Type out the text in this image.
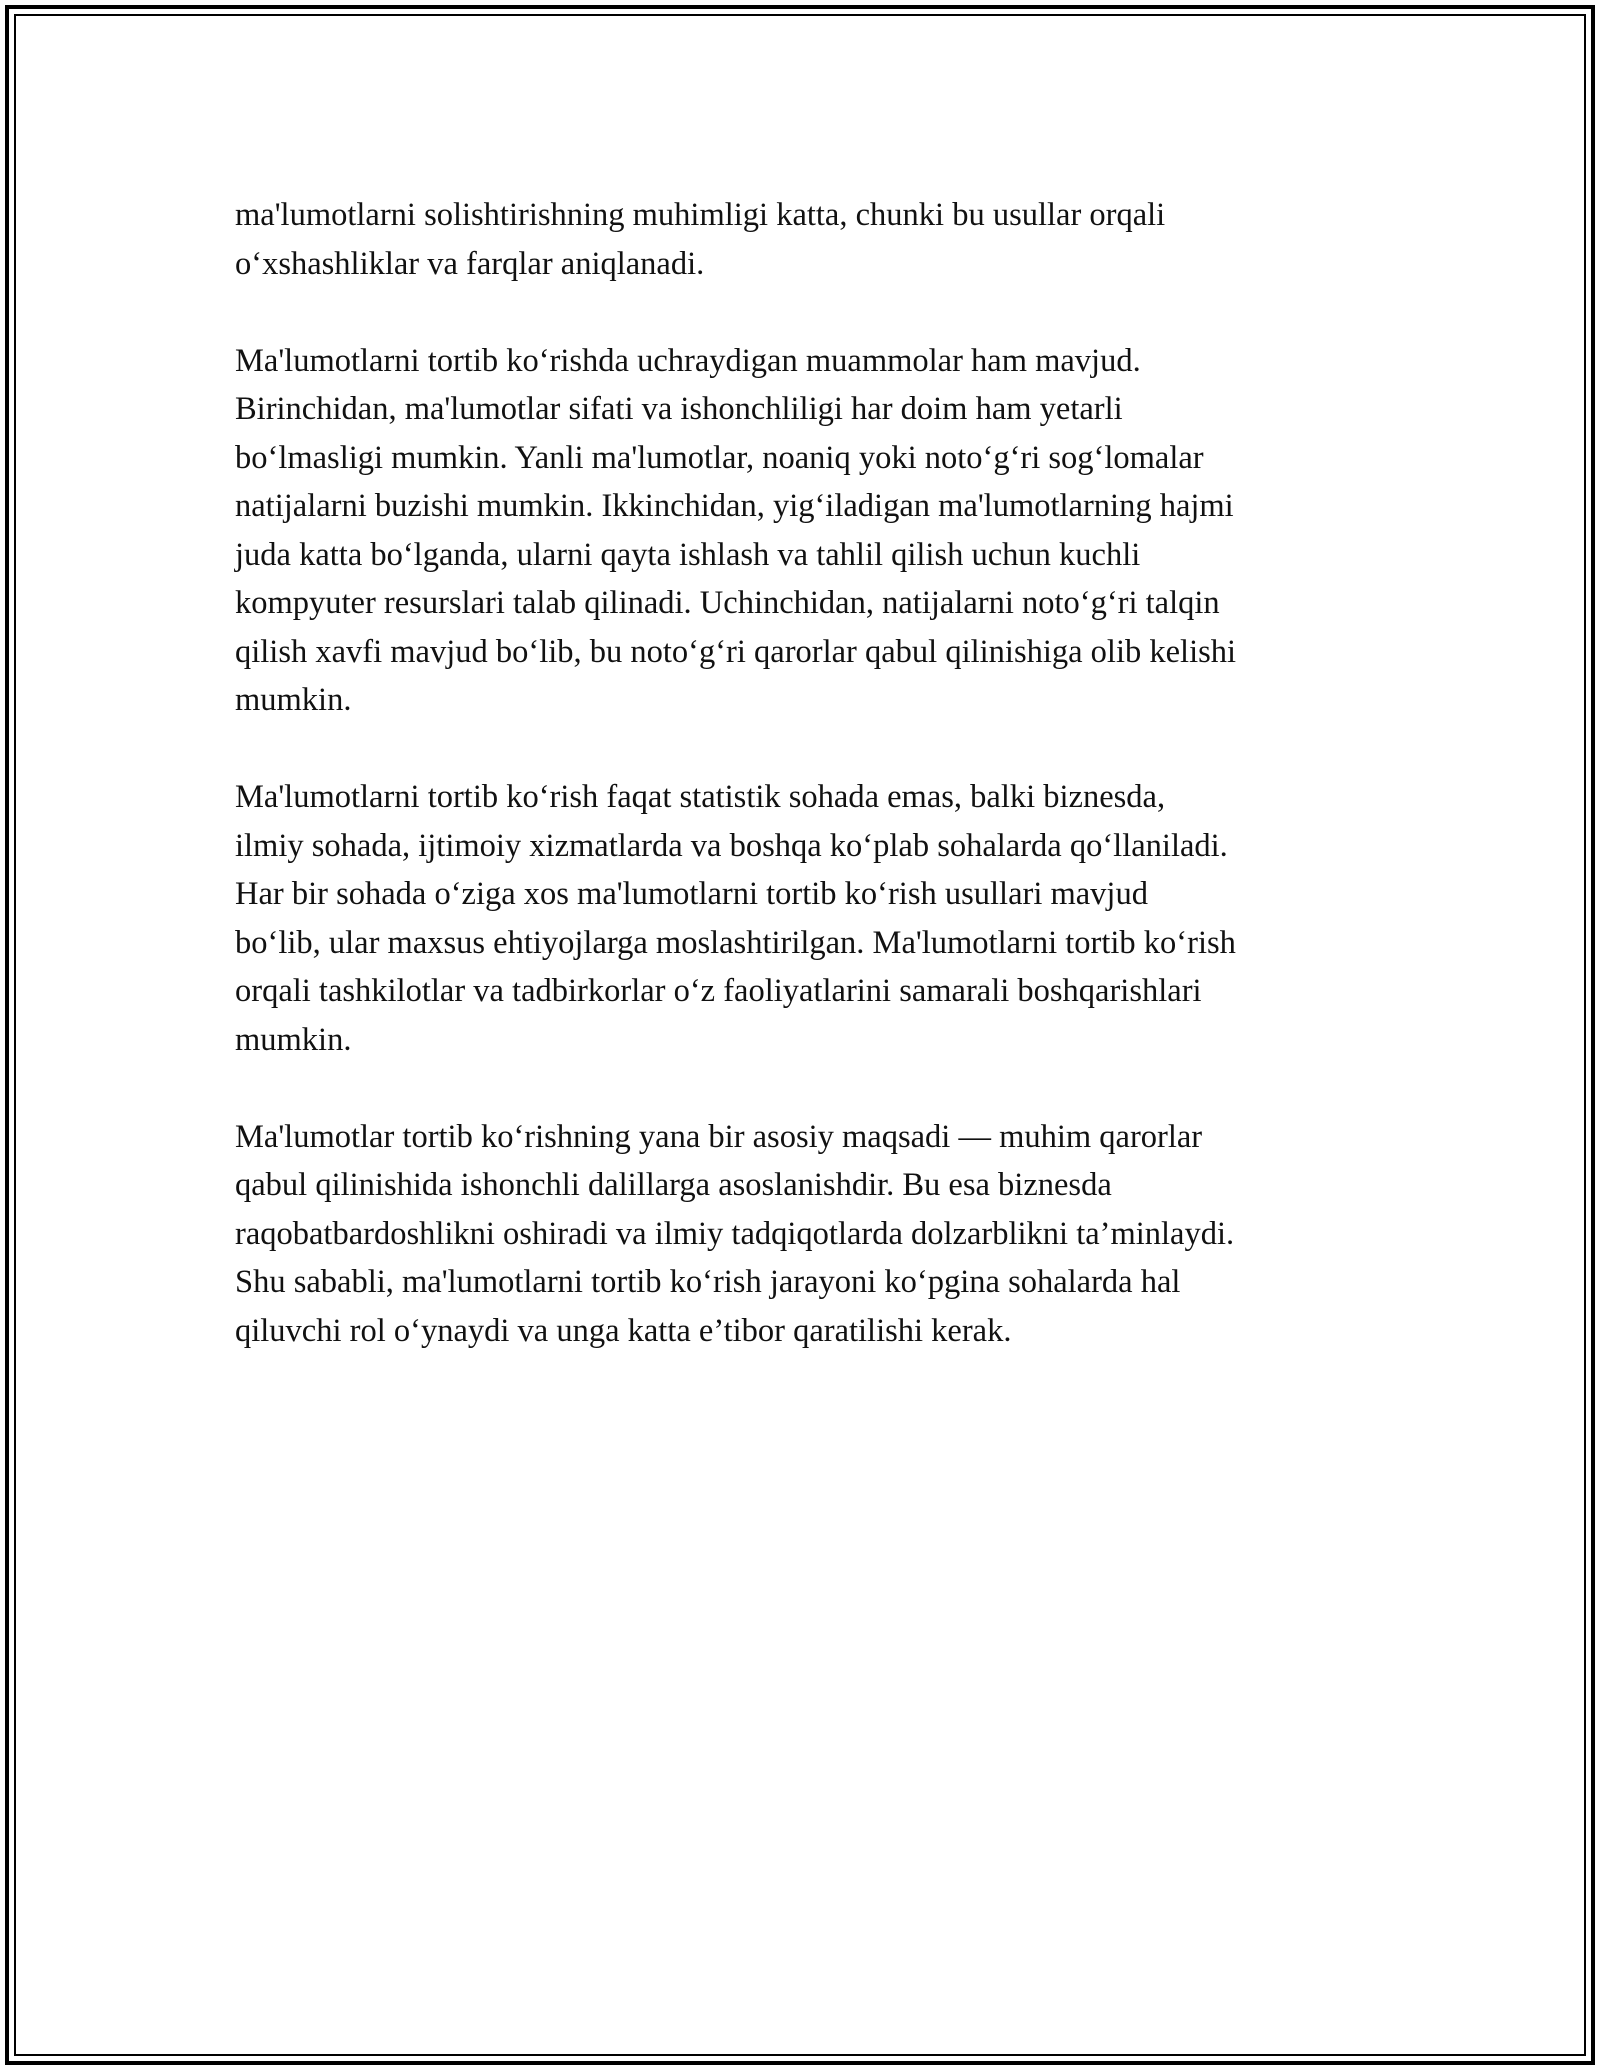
ma'lumotlarni solishtirishning muhimligi katta, chunki bu usullar orqali
o‘xshashliklar va farqlar aniqlanadi.

Ma'lumotlarni tortib ko‘rishda uchraydigan muammolar ham mavjud.
Birinchidan, ma'lumotlar sifati va ishonchliligi har doim ham yetarli
bo‘lmasligi mumkin. Yanli ma'lumotlar, noaniq yoki noto‘g‘ri sog‘lomalar
natijalarni buzishi mumkin. Ikkinchidan, yig‘iladigan ma'lumotlarning hajmi
juda katta bo‘lganda, ularni qayta ishlash va tahlil qilish uchun kuchli
kompyuter resurslari talab qilinadi. Uchinchidan, natijalarni noto‘g‘ri talqin
qilish xavfi mavjud bo‘lib, bu noto‘g‘ri qarorlar qabul qilinishiga olib kelishi
mumkin.

Ma'lumotlarni tortib ko‘rish faqat statistik sohada emas, balki biznesda,
ilmiy sohada, ijtimoiy xizmatlarda va boshqa ko‘plab sohalarda qo‘llaniladi.
Har bir sohada o‘ziga xos ma'lumotlarni tortib ko‘rish usullari mavjud
bo‘lib, ular maxsus ehtiyojlarga moslashtirilgan. Ma'lumotlarni tortib ko‘rish
orqali tashkilotlar va tadbirkorlar o‘z faoliyatlarini samarali boshqarishlari
mumkin.

Ma'lumotlar tortib ko‘rishning yana bir asosiy maqsadi — muhim qarorlar
qabul qilinishida ishonchli dalillarga asoslanishdir. Bu esa biznesda
raqobatbardoshlikni oshiradi va ilmiy tadqiqotlarda dolzarblikni ta’minlaydi.
Shu sababli, ma'lumotlarni tortib ko‘rish jarayoni ko‘pgina sohalarda hal
qiluvchi rol o‘ynaydi va unga katta e’tibor qaratilishi kerak.
